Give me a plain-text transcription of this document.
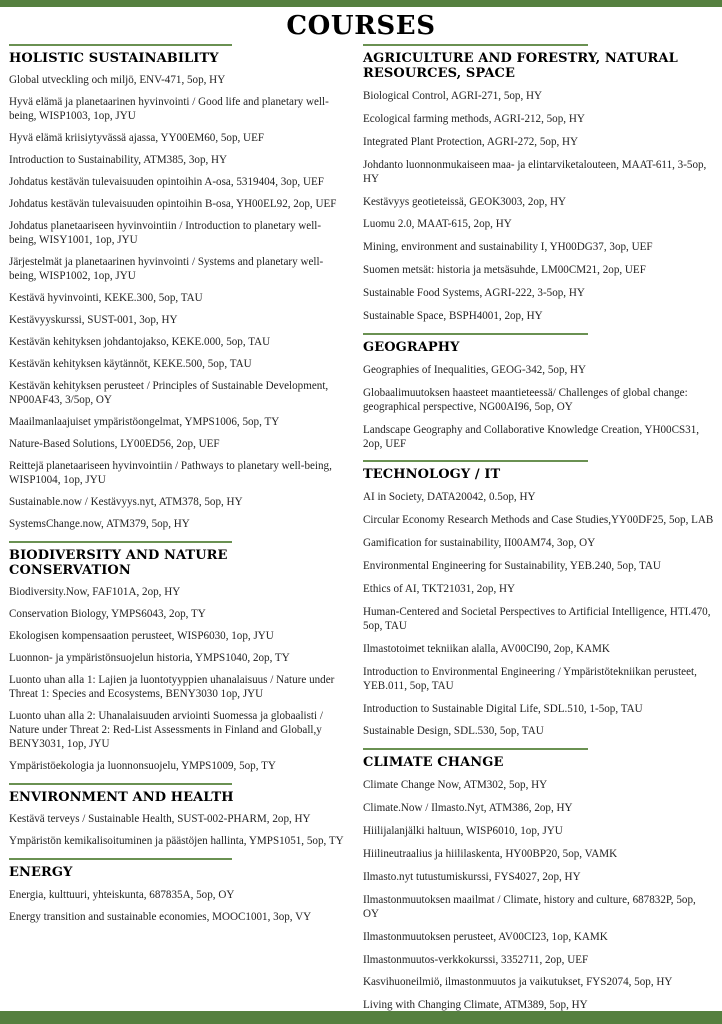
COURSES
HOLISTIC SUSTAINABILITY
Global utveckling och miljö, ENV-471, 5op, HY
Hyvä elämä ja planetaarinen hyvinvointi / Good life and planetary well-being, WISP1003, 1op, JYU
Hyvä elämä kriisiytyvässä ajassa, YY00EM60, 5op, UEF
Introduction to Sustainability, ATM385, 3op, HY
Johdatus kestävän tulevaisuuden opintoihin A-osa, 5319404, 3op, UEF
Johdatus kestävän tulevaisuuden opintoihin B-osa, YH00EL92, 2op, UEF
Johdatus planetaariseen hyvinvointiin / Introduction to planetary well-being, WISY1001, 1op, JYU
Järjestelmät ja planetaarinen hyvinvointi / Systems and planetary well-being, WISP1002, 1op, JYU
Kestävä hyvinvointi, KEKE.300, 5op, TAU
Kestävyyskurssi, SUST-001, 3op, HY
Kestävän kehityksen johdantojakso, KEKE.000, 5op, TAU
Kestävän kehityksen käytännöt, KEKE.500, 5op, TAU
Kestävän kehityksen perusteet / Principles of Sustainable Development, NP00AF43, 3/5op, OY
Maailmanlaajuiset ympäristöongelmat, YMPS1006, 5op, TY
Nature-Based Solutions, LY00ED56, 2op, UEF
Reittejä planetaariseen hyvinvointiin / Pathways to planetary well-being, WISP1004, 1op, JYU
Sustainable.now / Kestävyys.nyt, ATM378, 5op, HY
SystemsChange.now, ATM379, 5op, HY
BIODIVERSITY AND NATURE CONSERVATION
Biodiversity.Now, FAF101A, 2op, HY
Conservation Biology, YMPS6043, 2op, TY
Ekologisen kompensaation perusteet, WISP6030, 1op, JYU
Luonnon- ja ympäristönsuojelun historia, YMPS1040, 2op, TY
Luonto uhan alla 1: Lajien ja luontotyyppien uhanalaisuus / Nature under Threat 1: Species and Ecosystems, BENY3030 1op, JYU
Luonto uhan alla 2: Uhanalaisuuden arviointi Suomessa ja globaalisti / Nature under Threat 2: Red-List Assessments in Finland and Globall,y BENY3031, 1op, JYU
Ympäristöekologia ja luonnonsuojelu, YMPS1009, 5op, TY
ENVIRONMENT AND HEALTH
Kestävä terveys / Sustainable Health, SUST-002-PHARM, 2op, HY
Ympäristön kemikalisoituminen ja päästöjen hallinta, YMPS1051, 5op, TY
ENERGY
Energia, kulttuuri, yhteiskunta, 687835A, 5op, OY
Energy transition and sustainable economies, MOOC1001, 3op, VY
AGRICULTURE AND FORESTRY, NATURAL RESOURCES, SPACE
Biological Control, AGRI-271, 5op, HY
Ecological farming methods, AGRI-212, 5op, HY
Integrated Plant Protection, AGRI-272, 5op, HY
Johdanto luonnonmukaiseen maa- ja elintarviketalouteen, MAAT-611, 3-5op, HY
Kestävyys geotieteissä, GEOK3003, 2op, HY
Luomu 2.0, MAAT-615, 2op, HY
Mining, environment and sustainability I, YH00DG37, 3op, UEF
Suomen metsät: historia ja metsäsuhde, LM00CM21, 2op, UEF
Sustainable Food Systems, AGRI-222, 3-5op, HY
Sustainable Space, BSPH4001, 2op, HY
GEOGRAPHY
Geographies of Inequalities, GEOG-342, 5op, HY
Globaalimuutoksen haasteet maantieteessä/ Challenges of global change: geographical perspective, NG00AI96, 5op, OY
Landscape Geography and Collaborative Knowledge Creation, YH00CS31, 2op, UEF
TECHNOLOGY / IT
AI in Society, DATA20042, 0.5op, HY
Circular Economy Research Methods and Case Studies,YY00DF25, 5op, LAB
Gamification for sustainability, II00AM74, 3op, OY
Environmental Engineering for Sustainability, YEB.240, 5op, TAU
Ethics of AI, TKT21031, 2op, HY
Human-Centered and Societal Perspectives to Artificial Intelligence, HTI.470, 5op, TAU
Ilmastotoimet tekniikan alalla, AV00CI90, 2op, KAMK
Introduction to Environmental Engineering / Ympäristötekniikan perusteet, YEB.011, 5op, TAU
Introduction to Sustainable Digital Life, SDL.510, 1-5op, TAU
Sustainable Design, SDL.530, 5op, TAU
CLIMATE CHANGE
Climate Change Now, ATM302, 5op, HY
Climate.Now / Ilmasto.Nyt, ATM386, 2op, HY
Hiilijalanjälki haltuun, WISP6010, 1op, JYU
Hiilineutraalius ja hiililaskenta, HY00BP20, 5op, VAMK
Ilmasto.nyt tutustumiskurssi, FYS4027, 2op, HY
Ilmastonmuutoksen maailmat / Climate, history and culture, 687832P, 5op, OY
Ilmastonmuutoksen perusteet, AV00CI23, 1op, KAMK
Ilmastonmuutos-verkkokurssi, 3352711, 2op, UEF
Kasvihuoneilmiö, ilmastonmuutos ja vaikutukset, FYS2074, 5op, HY
Living with Changing Climate, ATM389, 5op, HY
